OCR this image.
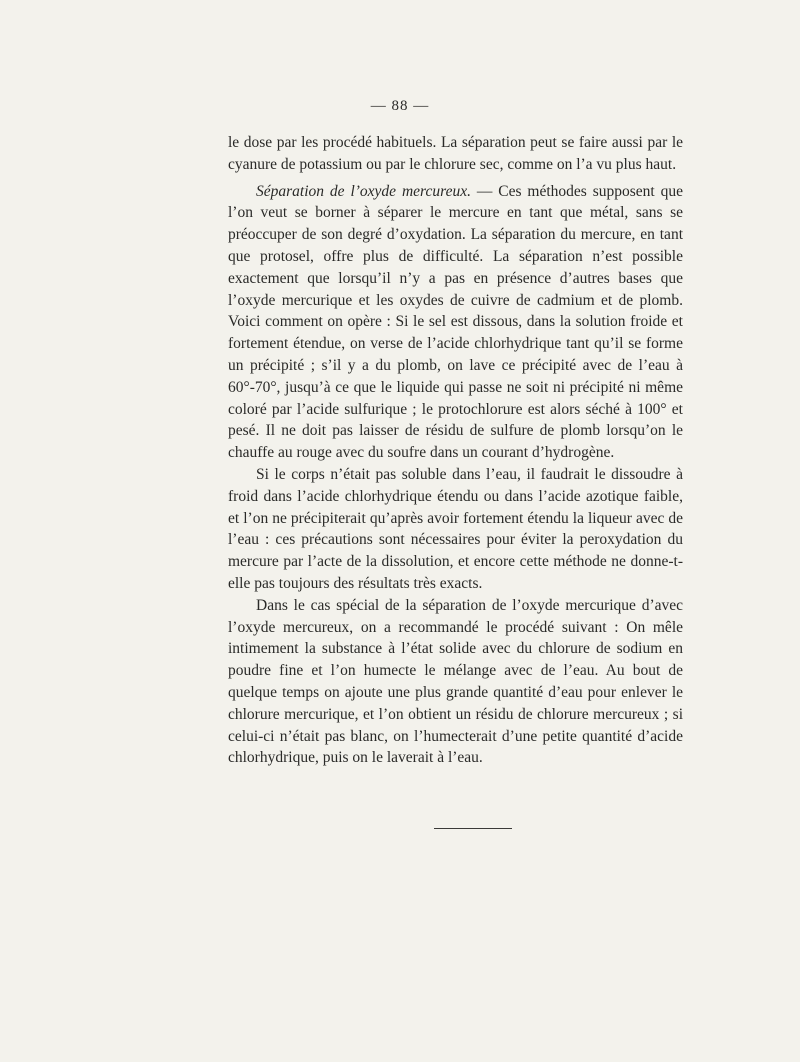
— 88 —

le dose par les procédé habituels. La séparation peut se faire aussi par le cyanure de potassium ou par le chlorure sec, comme on l’a vu plus haut.

Séparation de l’oxyde mercureux. — Ces méthodes supposent que l’on veut se borner à séparer le mercure en tant que métal, sans se préoccuper de son degré d’oxydation. La séparation du mercure, en tant que protosel, offre plus de difficulté. La séparation n’est possible exactement que lorsqu’il n’y a pas en présence d’autres bases que l’oxyde mercurique et les oxydes de cuivre de cadmium et de plomb. Voici comment on opère : Si le sel est dissous, dans la solution froide et fortement étendue, on verse de l’acide chlorhydrique tant qu’il se forme un précipité ; s’il y a du plomb, on lave ce précipité avec de l’eau à 60°-70°, jusqu’à ce que le liquide qui passe ne soit ni précipité ni même coloré par l’acide sulfurique ; le protochlorure est alors séché à 100° et pesé. Il ne doit pas laisser de résidu de sulfure de plomb lorsqu’on le chauffe au rouge avec du soufre dans un courant d’hydrogène.

Si le corps n’était pas soluble dans l’eau, il faudrait le dissoudre à froid dans l’acide chlorhydrique étendu ou dans l’acide azotique faible, et l’on ne précipiterait qu’après avoir fortement étendu la liqueur avec de l’eau : ces précautions sont nécessaires pour éviter la peroxydation du mercure par l’acte de la dissolution, et encore cette méthode ne donne-t-elle pas toujours des résultats très exacts.

Dans le cas spécial de la séparation de l’oxyde mercurique d’avec l’oxyde mercureux, on a recommandé le procédé suivant : On mêle intimement la substance à l’état solide avec du chlorure de sodium en poudre fine et l’on humecte le mélange avec de l’eau. Au bout de quelque temps on ajoute une plus grande quantité d’eau pour enlever le chlorure mercurique, et l’on obtient un résidu de chlorure mercureux ; si celui-ci n’était pas blanc, on l’humecterait d’une petite quantité d’acide chlorhydrique, puis on le laverait à l’eau.
